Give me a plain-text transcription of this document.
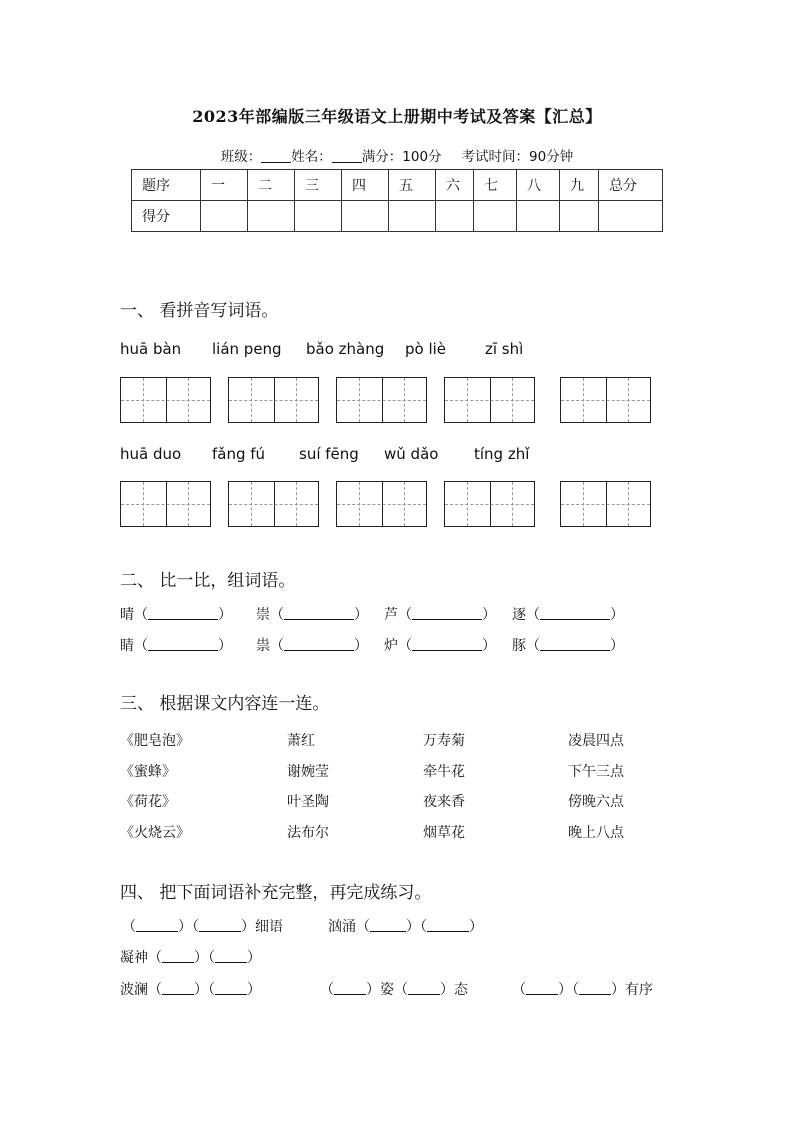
2023年部编版三年级语文上册期中考试及答案【汇总】
班级： 姓名： 满分：100分 考试时间：90分钟
题序	一	二	三	四	五	六	七	八	九	总分
得分										
一、 看拼音写词语。
huā bàn lián peng bǎo zhàng pò liè	zī shì
huā duo fǎng fú suí fēng wǔ dǎo tíng zhǐ
二、 比一比，组词语。
晴（	） 崇（	） 芦（	） 逐（	）
睛（	） 祟（	） 炉（	） 豚（	）
三、 根据课文内容连一连。
《肥皂泡》	萧红	万寿菊	凌晨四点
《蜜蜂》	谢婉莹	牵牛花	下午三点
《荷花》	叶圣陶	夜来香	傍晚六点
《火烧云》	法布尔	烟草花	晚上八点
四、 把下面词语补充完整，再完成练习。
（	）（	）细语	汹涌（	）（	）
凝神（ ）（ ）
波澜（ ）（ ）	（ ）姿（ ）态	（ ）（ ）有序
